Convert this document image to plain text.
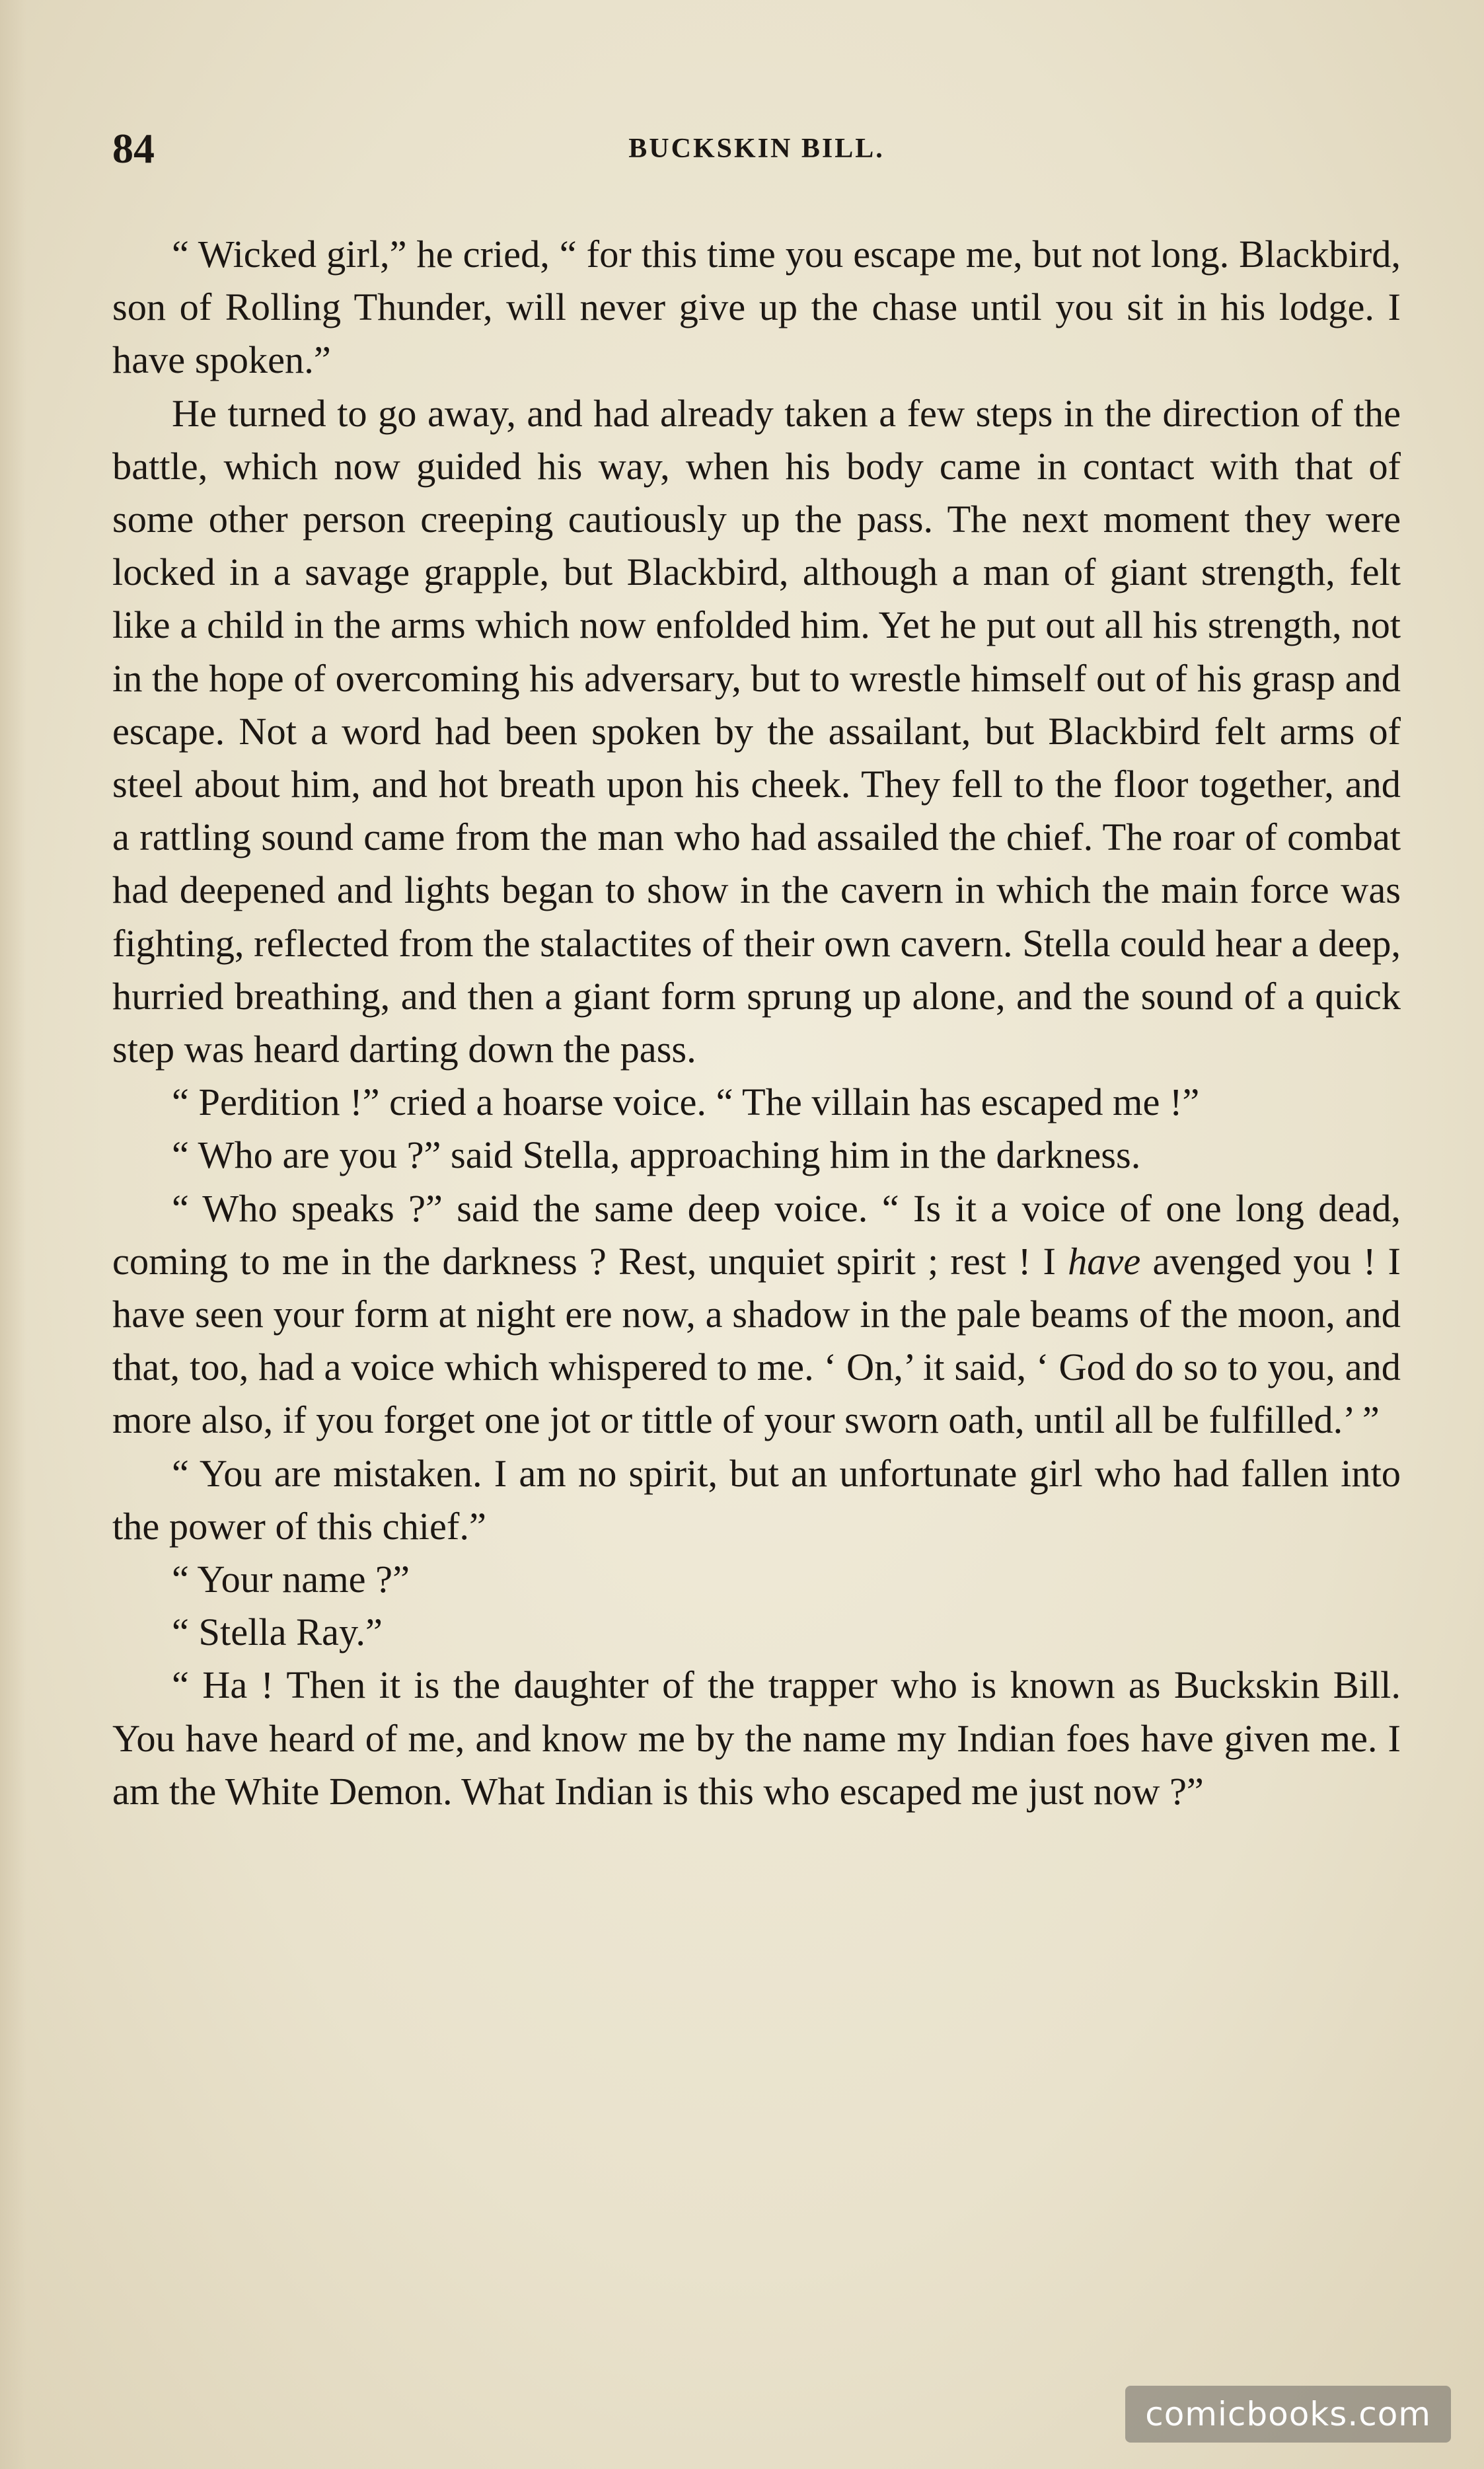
84	BUCKSKIN BILL.

“ Wicked girl,” he cried, “ for this time you escape me, but not long. Blackbird, son of Rolling Thunder, will never give up the chase until you sit in his lodge. I have spoken.”

He turned to go away, and had already taken a few steps in the direction of the battle, which now guided his way, when his body came in contact with that of some other person creeping cautiously up the pass. The next moment they were locked in a savage grapple, but Blackbird, although a man of giant strength, felt like a child in the arms which now enfolded him. Yet he put out all his strength, not in the hope of overcoming his adversary, but to wrestle himself out of his grasp and escape. Not a word had been spoken by the assailant, but Blackbird felt arms of steel about him, and hot breath upon his cheek. They fell to the floor together, and a rattling sound came from the man who had assailed the chief. The roar of combat had deepened and lights began to show in the cavern in which the main force was fighting, reflected from the stalactites of their own cavern. Stella could hear a deep, hurried breathing, and then a giant form sprung up alone, and the sound of a quick step was heard darting down the pass.

“ Perdition !” cried a hoarse voice. “ The villain has escaped me !”

“ Who are you ?” said Stella, approaching him in the darkness.

“ Who speaks ?” said the same deep voice. “ Is it a voice of one long dead, coming to me in the darkness ? Rest, unquiet spirit ; rest ! I have avenged you ! I have seen your form at night ere now, a shadow in the pale beams of the moon, and that, too, had a voice which whispered to me. ‘ On,’ it said, ‘ God do so to you, and more also, if you forget one jot or tittle of your sworn oath, until all be fulfilled.’ ”

“ You are mistaken. I am no spirit, but an unfortunate girl who had fallen into the power of this chief.”

“ Your name ?”

“ Stella Ray.”

“ Ha ! Then it is the daughter of the trapper who is known as Buckskin Bill. You have heard of me, and know me by the name my Indian foes have given me. I am the White Demon. What Indian is this who escaped me just now ?”

comicbooks.com
